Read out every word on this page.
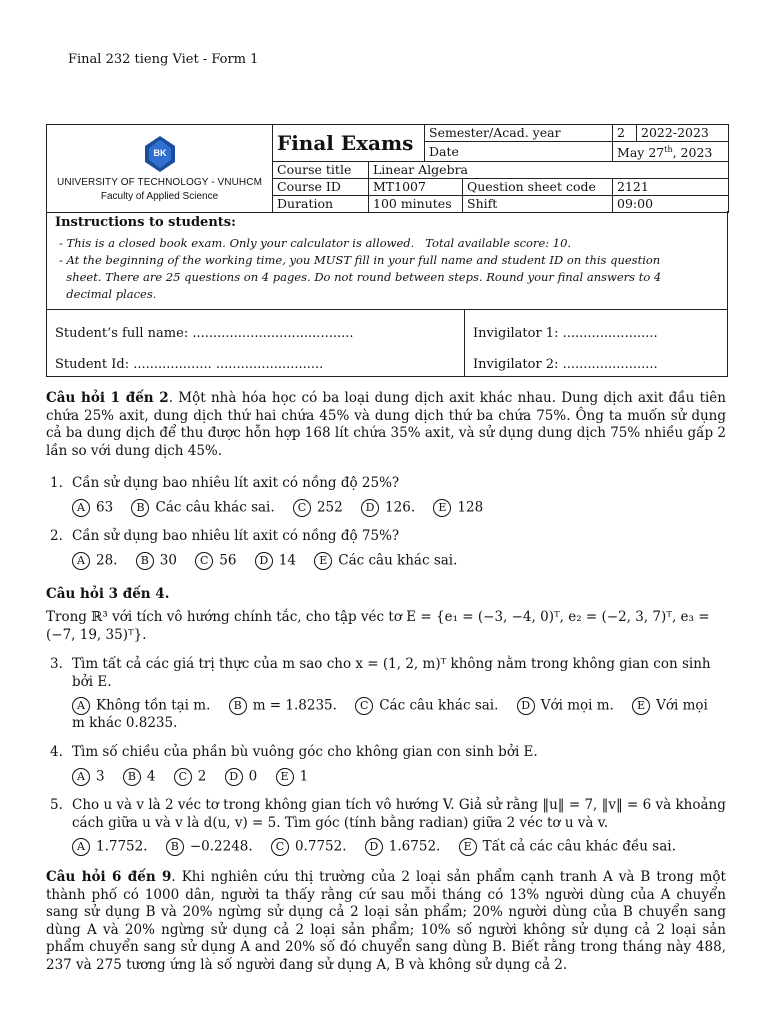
Final 232 tieng Viet - Form 1
BK
UNIVERSITY OF TECHNOLOGY - VNUHCM
Faculty of Applied Science	Final Exams		Semester/Acad. year		2	2022-2023
			Date		May 27th, 2023	
	Course title	Linear Algebra				
	Course ID	MT1007		Question sheet code	2121	
	Duration	100 minutes		Shift	09:00	
Instructions to students:
- This is a closed book exam. Only your calculator is allowed.   Total available score: 10.
- At the beginning of the working time, you MUST fill in your full name and student ID on this question
sheet. There are 25 questions on 4 pages. Do not round between steps. Round your final answers to 4
decimal places.
Student’s full name: .......................................
Student Id: ................... ..........................
Invigilator 1: .......................
Invigilator 2: .......................
Câu hỏi 1 đến 2. Một nhà hóa học có ba loại dung dịch axit khác nhau. Dung dịch axit đầu tiên chứa 25% axit, dung dịch thứ hai chứa 45% và dung dịch thứ ba chứa 75%. Ông ta muốn sử dụng cả ba dung dịch để thu được hỗn hợp 168 lít chứa 35% axit, và sử dụng dung dịch 75% nhiều gấp 2 lần so với dung dịch 45%.
1. Cần sử dụng bao nhiêu lít axit có nồng độ 25%?
A 63 B Các câu khác sai. C 252 D 126. E 128
2. Cần sử dụng bao nhiêu lít axit có nồng độ 75%?
A 28. B 30 C 56 D 14 E Các câu khác sai.
Câu hỏi 3 đến 4.
Trong ℝ³ với tích vô hướng chính tắc, cho tập véc tơ E = {e₁ = (−3, −4, 0)ᵀ, e₂ = (−2, 3, 7)ᵀ, e₃ =
(−7, 19, 35)ᵀ}.
3. Tìm tất cả các giá trị thực của m sao cho x = (1, 2, m)ᵀ không nằm trong không gian con sinh bởi E.
A Không tồn tại m. B m = 1.8235. C Các câu khác sai. D Với mọi m. E Với mọi
m khác 0.8235.
4. Tìm số chiều của phần bù vuông góc cho không gian con sinh bởi E.
A 3 B 4 C 2 D 0 E 1
5. Cho u và v là 2 véc tơ trong không gian tích vô hướng V. Giả sử rằng ‖u‖ = 7, ‖v‖ = 6 và khoảng cách giữa u và v là d(u, v) = 5. Tìm góc (tính bằng radian) giữa 2 véc tơ u và v.
A 1.7752. B −0.2248. C 0.7752. D 1.6752. E Tất cả các câu khác đều sai.
Câu hỏi 6 đến 9. Khi nghiên cứu thị trường của 2 loại sản phẩm cạnh tranh A và B trong một thành phố có 1000 dân, người ta thấy rằng cứ sau mỗi tháng có 13% người dùng của A chuyển sang sử dụng B và 20% ngừng sử dụng cả 2 loại sản phẩm; 20% người dùng của B chuyển sang dùng A và 20% ngừng sử dụng cả 2 loại sản phẩm; 10% số người không sử dụng cả 2 loại sản phẩm chuyển sang sử dụng A and 20% số đó chuyển sang dùng B. Biết rằng trong tháng này 488, 237 và 275 tương ứng là số người đang sử dụng A, B và không sử dụng cả 2.
